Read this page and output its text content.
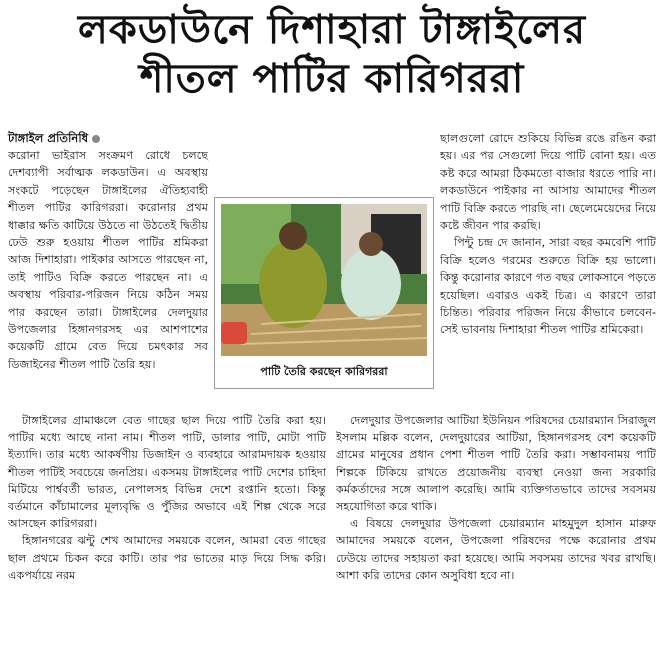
লকডাউনে দিশাহারা টাঙ্গাইলের
শীতল পাটির কারিগররা
টাঙ্গাইল প্রতিনিধি

করোনা ভাইরাস সংক্রমণ রোধে চলছে দেশব্যাপী সর্বাত্মক লকডাউন। এ অবস্থায় সংকটে পড়েছেন টাঙ্গাইলের ঐতিহ্যবাহী শীতল পাটির কারিগররা। করোনার প্রথম ধাক্কার ক্ষতি কাটিয়ে উঠতে না উঠতেই দ্বিতীয় ঢেউ শুরু হওয়ায় শীতল পাটির শ্রমিকরা আজ দিশাহারা। পাইকার আসতে পারছেন না, তাই পাটিও বিক্রি করতে পারছেন না। এ অবস্থায় পরিবার-পরিজন নিয়ে কঠিন সময় পার করছেন তারা। টাঙ্গাইলের দেলদুয়ার উপজেলার হিঙ্গানগরসহ এর আশপাশের কয়েকটি গ্রামে বেত দিয়ে চমৎকার সব ডিজাইনের শীতল পাটি তৈরি হয়।

পাটি তৈরি করছেন কারিগররা

ছালগুলো রোদে শুকিয়ে বিভিন্ন রঙে রঙিন করা হয়। এর পর সেগুলো দিয়ে পাটি বোনা হয়। এত কষ্ট করে আমরা ঠিকমতো বাজার ধরতে পারি না। লকডাউনে পাইকার না আসায় আমাদের শীতল পাটি বিক্রি করতে পারছি না। ছেলেমেয়েদের নিয়ে কষ্টে জীবন পার করছি।

পিন্টু চন্দ্র দে জানান, সারা বছর কমবেশি পাটি বিক্রি হলেও গরমের শুরুতে বিক্রি হয় ভালো। কিন্তু করোনার কারণে গত বছর লোকসানে পড়তে হয়েছিল। এবারও একই চিত্র। এ কারণে তারা চিন্তিত। পরিবার পরিজন নিয়ে কীভাবে চলবেন- সেই ভাবনায় দিশাহারা শীতল পাটির শ্রমিকেরা।

টাঙ্গাইলের গ্রামাঞ্চলে বেত গাছের ছাল দিয়ে পাটি তৈরি করা হয়। পাটির মধ্যে আছে নানা নাম। শীতল পাটি, ডালার পাটি, মোটা পাটি ইত্যাদি। তার মধ্যে আকর্ষণীয় ডিজাইন ও ব্যবহারে আরামদায়ক হওয়ায় শীতল পাটিই সবচেয়ে জনপ্রিয়। একসময় টাঙ্গাইলের পাটি দেশের চাহিদা মিটিয়ে পার্শ্ববর্তী ভারত, নেপালসহ বিভিন্ন দেশে রপ্তানি হতো। কিন্তু বর্তমানে কাঁচামালের মূল্যবৃদ্ধি ও পুঁজির অভাবে এই শিল্প থেকে সরে আসছেন কারিগররা।

হিঙ্গানগরের ঝন্টু শেখ আমাদের সময়কে বলেন, আমরা বেত গাছের ছাল প্রথমে চিকন করে কাটি। তার পর ভাতের মাড় দিয়ে সিদ্ধ করি। একপর্যায়ে নরম

দেলদুয়ার উপজেলার আটিয়া ইউনিয়ন পরিষদের চেয়ারম্যান সিরাজুল ইসলাম মল্লিক বলেন, দেলদুয়ারের আটিয়া, হিঙ্গানগরসহ বেশ কয়েকটি গ্রামের মানুষের প্রধান পেশা শীতল পাটি তৈরি করা। সম্ভাবনাময় পাটি শিল্পকে টিকিয়ে রাখতে প্রয়োজনীয় ব্যবস্থা নেওয়া জন্য সরকারি কর্মকর্তাদের সঙ্গে আলাপ করেছি। আমি ব্যক্তিগতভাবে তাদের সবসময় সহযোগিতা করে থাকি।

এ বিষয়ে দেলদুয়ার উপজেলা চেয়ারম্যান মাহমুদুল হাসান মারুফ আমাদের সময়কে বলেন, উপজেলা পরিষদের পক্ষে করোনার প্রথম ঢেউয়ে তাদের সহায়তা করা হয়েছে। আমি সবসময় তাদের খবর রাখছি। আশা করি তাদের কোন অসুবিধা হবে না।
